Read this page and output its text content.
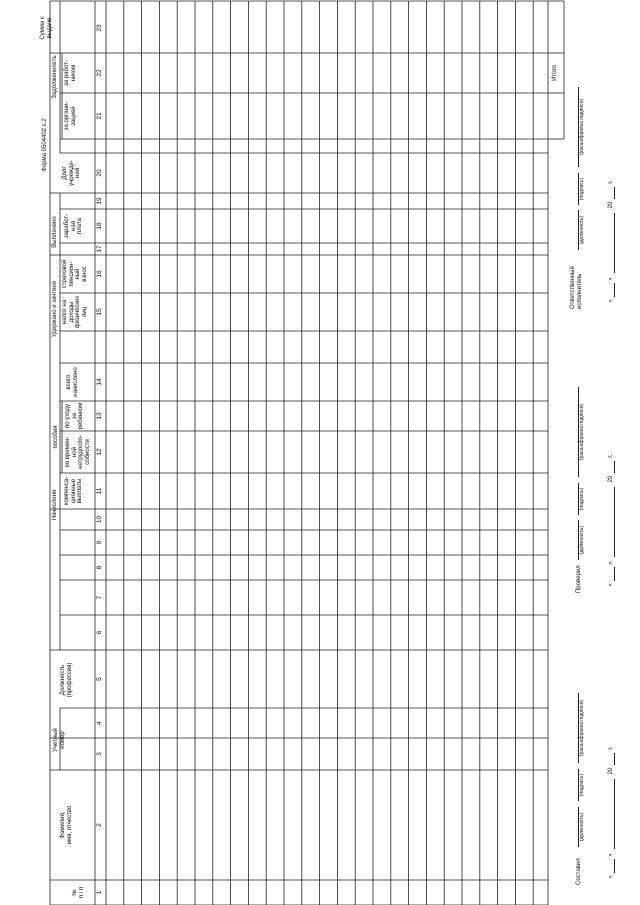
Форма 0504402 с.2
№
п / п
Фамилия,
имя, отчество
Учетный
номер
Должность
(профессия)
Начислено компенса-
ционные
выплаты
пособия
по времен-
ной
нетрудоспо-
собности
по уходу
за
ребенком
всего
начислено
Удержано и зачтено налог на
доходы
физических
лиц
страховой
пенсион-
ный
взнос
Выплачено заработ-
ная
плата
Долг
учрежде-
ния
Задолженность
за органи-
зацией
за работ-
ником
Сумма к
выдаче
1
2
3
4
5
6
7
8
9
10
11
12
13
14
15
16
17
18
19
20
21
22
23
Итого
Составил
(должность)
(подпись)
(расшифровка подписи)
«
»
20
г.
Проверил
(должность)
(подпись)
(расшифровка подписи)
«
»
20
г.
Ответственный
исполнитель
(должность)
(подпись)
(расшифровка подписи)
«
»
20
г.
